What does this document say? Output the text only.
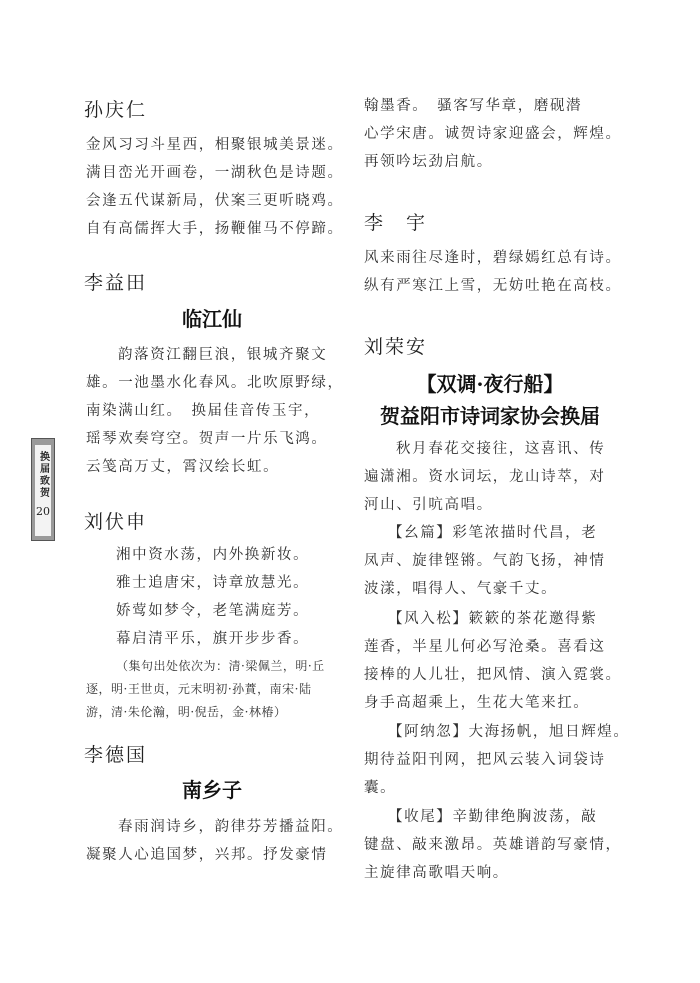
换届致贺
20
孙庆仁
金风习习斗星西，相聚银城美景迷。
满目峦光开画卷，一湖秋色是诗题。
会逢五代谋新局，伏案三更听晓鸡。
自有高儒挥大手，扬鞭催马不停蹄。
李益田
临江仙
韵落资江翻巨浪，银城齐聚文
雄。一池墨水化春风。北吹原野绿，
南染满山红。　换届佳音传玉宇，
瑶琴欢奏穹空。贺声一片乐飞鸿。
云笺高万丈，霄汉绘长虹。
刘伏申
湘中资水荡，内外换新妆。
雅士追唐宋，诗章放慧光。
娇莺如梦令，老笔满庭芳。
幕启清平乐，旗开步步香。
（集句出处依次为：清·梁佩兰，明·丘
逐，明·王世贞，元末明初·孙蕡，南宋·陆
游，清·朱伦瀚，明·倪岳，金·林椿）
李德国
南乡子
春雨润诗乡，韵律芬芳播益阳。
凝聚人心追国梦，兴邦。抒发豪情
翰墨香。　骚客写华章，磨砚潜
心学宋唐。诚贺诗家迎盛会，辉煌。
再领吟坛劲启航。
李　宇
风来雨往尽逢时，碧绿嫣红总有诗。
纵有严寒江上雪，无妨吐艳在高枝。
刘荣安
【双调·夜行船】
贺益阳市诗词家协会换届
秋月春花交接往，这喜讯、传
遍潇湘。资水词坛，龙山诗萃，对
河山、引吭高唱。
【幺篇】彩笔浓描时代昌，老
凤声、旋律铿锵。气韵飞扬，神情
波漾，唱得人、气豪千丈。
【风入松】簌簌的茶花邀得紫
莲香，半星儿何必写沧桑。喜看这
接棒的人儿壮，把风情、演入霓裳。
身手高超乘上，生花大笔来扛。
【阿纳忽】大海扬帆，旭日辉煌。
期待益阳刊网，把风云装入词袋诗
囊。
【收尾】辛勤律绝胸波荡，敲
键盘、敲来激昂。英雄谱韵写豪情，
主旋律高歌唱天响。
